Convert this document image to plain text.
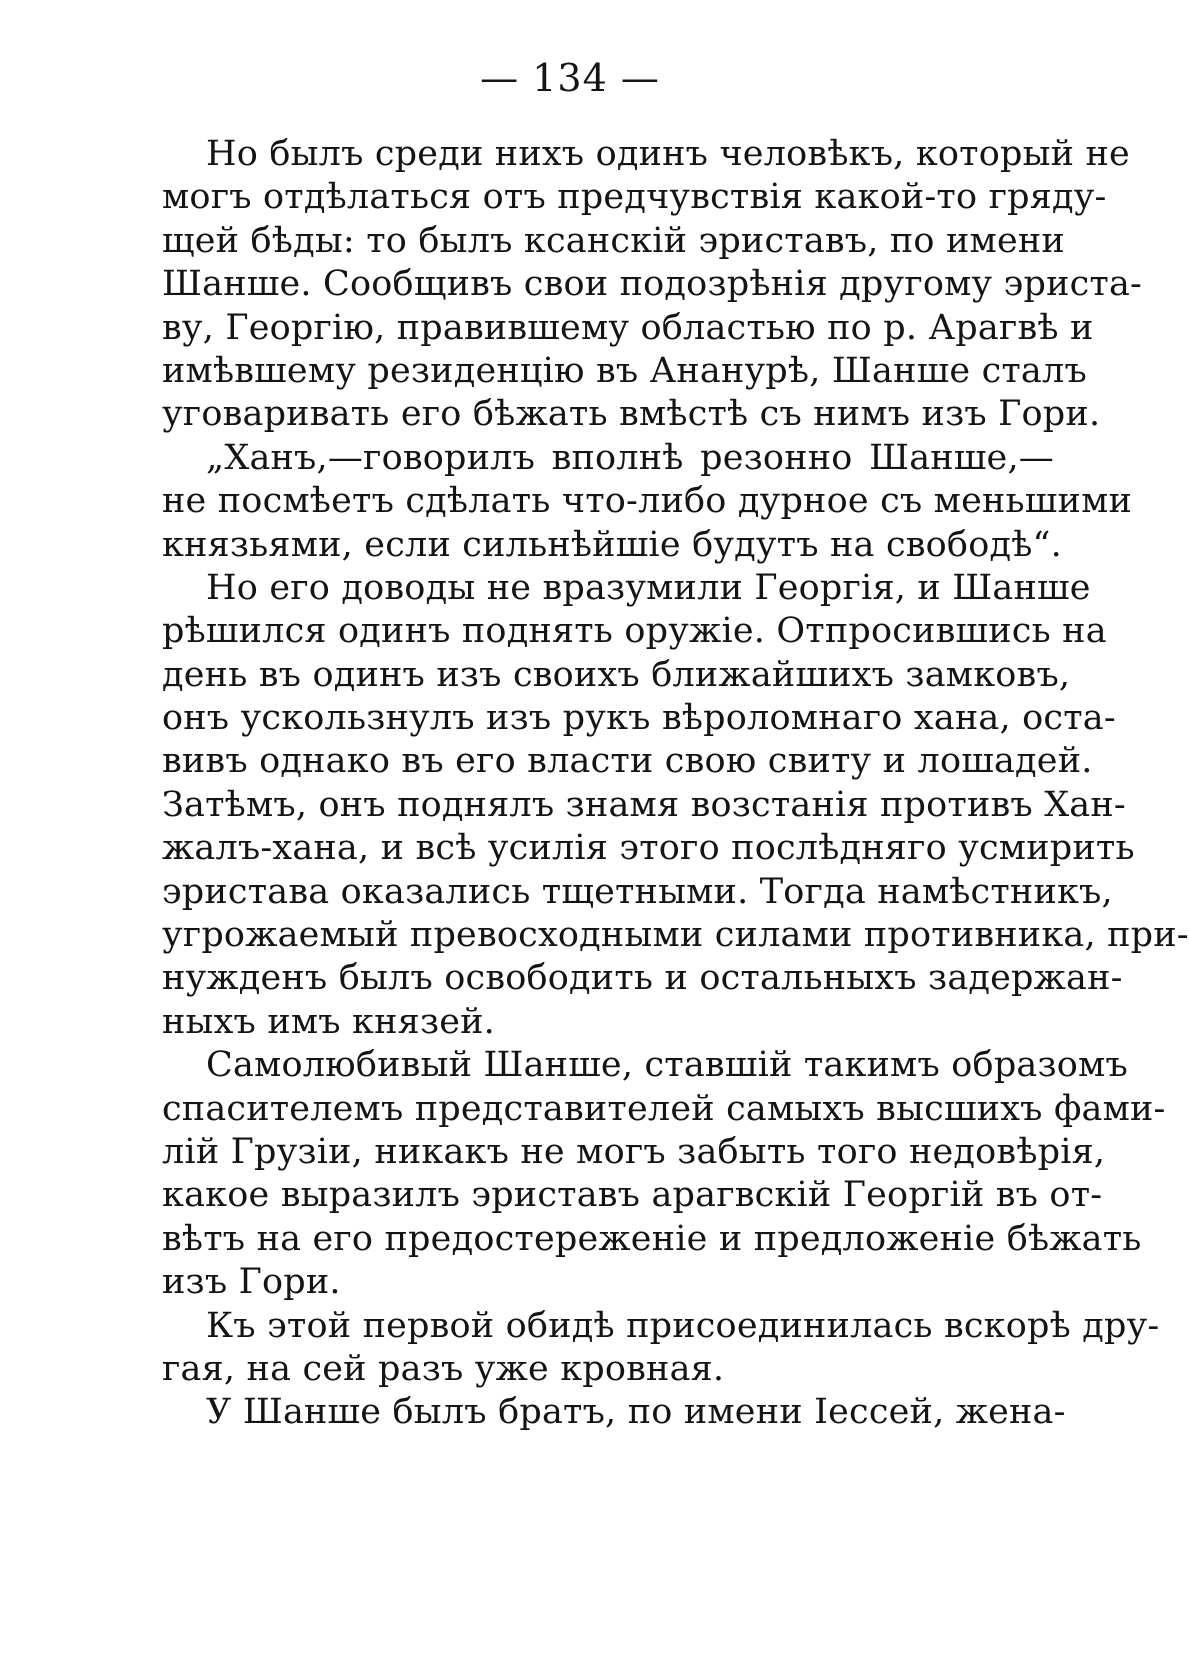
— 134 —
Но былъ среди нихъ одинъ человѣкъ, который не
могъ отдѣлаться отъ предчувствія какой-то гряду-
щей бѣды: то былъ ксанскій эриставъ, по имени
Шанше. Сообщивъ свои подозрѣнія другому эриста-
ву, Георгію, правившему областью по р. Арагвѣ и
имѣвшему резиденцію въ Ананурѣ, Шанше сталъ
уговаривать его бѣжать вмѣстѣ съ нимъ изъ Гори.
„Ханъ,—говорилъ вполнѣ резонно Шанше,—
не посмѣетъ сдѣлать что-либо дурное съ меньшими
князьями, если сильнѣйшіе будутъ на свободѣ“.
Но его доводы не вразумили Георгія, и Шанше
рѣшился одинъ поднять оружіе. Отпросившись на
день въ одинъ изъ своихъ ближайшихъ замковъ,
онъ ускользнулъ изъ рукъ вѣроломнаго хана, оста-
вивъ однако въ его власти свою свиту и лошадей.
Затѣмъ, онъ поднялъ знамя возстанія противъ Хан-
жалъ-хана, и всѣ усилія этого послѣдняго усмирить
эристава оказались тщетными. Тогда намѣстникъ,
угрожаемый превосходными силами противника, при-
нужденъ былъ освободить и остальныхъ задержан-
ныхъ имъ князей.
Самолюбивый Шанше, ставшій такимъ образомъ
спасителемъ представителей самыхъ высшихъ фами-
лій Грузіи, никакъ не могъ забыть того недовѣрія,
какое выразилъ эриставъ арагвскій Георгій въ от-
вѣтъ на его предостереженіе и предложеніе бѣжать
изъ Гори.
Къ этой первой обидѣ присоединилась вскорѣ дру-
гая, на сей разъ уже кровная.
У Шанше былъ братъ, по имени Іессей, жена-
